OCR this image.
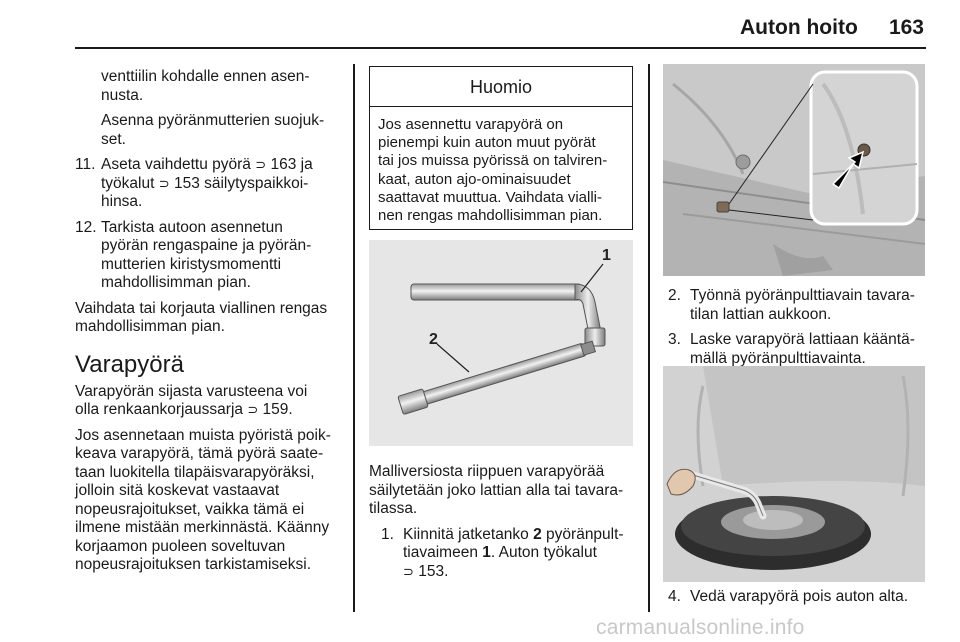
Auton hoito 163
venttiilin kohdalle ennen asen-
nusta.
Asenna pyöränmutterien suojuk-
set.
11. Aseta vaihdettu pyörä ⊃ 163 ja
työkalut ⊃ 153 säilytyspaikkoi-
hinsa.
12. Tarkista autoon asennetun
pyörän rengaspaine ja pyörän-
mutterien kiristysmomentti
mahdollisimman pian.
Vaihdata tai korjauta viallinen rengas
mahdollisimman pian.
Varapyörä
Varapyörän sijasta varusteena voi
olla renkaankorjaussarja ⊃ 159.
Jos asennetaan muista pyöristä poik-
keava varapyörä, tämä pyörä saate-
taan luokitella tilapäisvarapyöräksi,
jolloin sitä koskevat vastaavat
nopeusrajoitukset, vaikka tämä ei
ilmene mistään merkinnästä. Käänny
korjaamon puoleen soveltuvan
nopeusrajoituksen tarkistamiseksi.
Huomio
Jos asennettu varapyörä on
pienempi kuin auton muut pyörät
tai jos muissa pyörissä on talviren-
kaat, auton ajo-ominaisuudet
saattavat muuttua. Vaihdata vialli-
nen rengas mahdollisimman pian.
1
2
Malliversiosta riippuen varapyörää
säilytetään joko lattian alla tai tavara-
tilassa.
1. Kiinnitä jatketanko 2 pyöränpult-
tiavaimeen 1. Auton työkalut
⊃ 153.
2. Työnnä pyöränpulttiavain tavara-
tilan lattian aukkoon.
3. Laske varapyörä lattiaan kääntä-
mällä pyöränpulttiavainta.
4. Vedä varapyörä pois auton alta.
carmanualsonline.info
